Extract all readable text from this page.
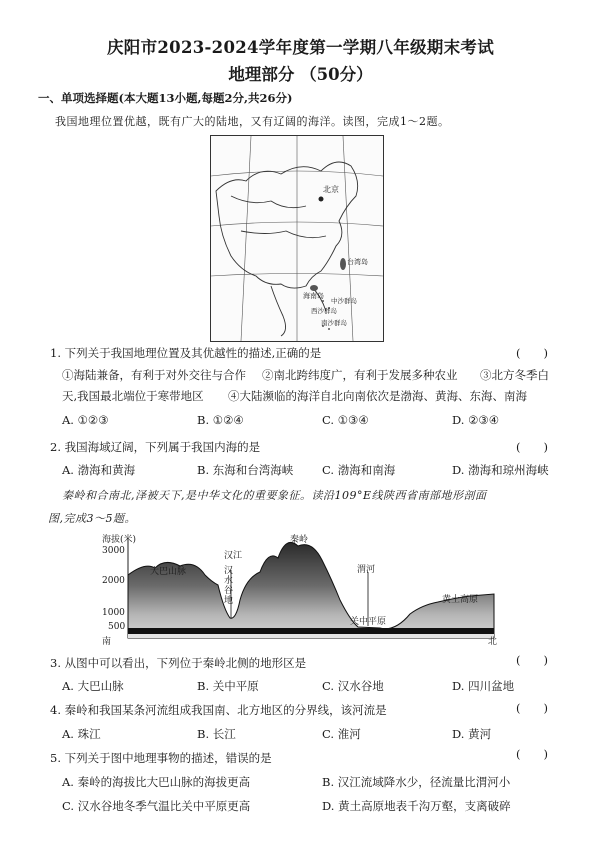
庆阳市2023-2024学年度第一学期八年级期末考试
地理部分 （50分）
一、单项选择题(本大题13小题,每题2分,共26分)
我国地理位置优越，既有广大的陆地，又有辽阔的海洋。读图，完成1～2题。
北京
台湾岛
海南岛
中沙群岛
西沙群岛
南沙群岛
1. 下列关于我国地理位置及其优越性的描述,正确的是	(　　)
①海陆兼备，有利于对外交往与合作 ②南北跨纬度广，有利于发展多种农业 ③北方冬季白
天,我国最北端位于寒带地区 ④大陆濒临的海洋自北向南依次是渤海、黄海、东海、南海
A. ①②③	B. ①②④	C. ①③④	D. ②③④
2. 我国海域辽阔，下列属于我国内海的是	(　　)
A. 渤海和黄海	B. 东海和台湾海峡 C. 渤海和南海	D. 渤海和琼州海峡
秦岭和合南北,泽被天下,是中华文化的重要象征。读沿109°E线陕西省南部地形剖面
图,完成3～5题。
海拔(米)
3000
2000
1000
500
南	北
大巴山脉
汉江
汉水谷地
秦岭
渭河
关中平原
黄土高原
3. 从图中可以看出，下列位于秦岭北侧的地形区是	(　　)
A. 大巴山脉	B. 关中平原	C. 汉水谷地	D. 四川盆地
4. 秦岭和我国某条河流组成我国南、北方地区的分界线，该河流是	(　　)
A. 珠江	B. 长江	C. 淮河	D. 黄河
5. 下列关于图中地理事物的描述，错误的是	(　　)
A. 秦岭的海拔比大巴山脉的海拔更高	B. 汉江流域降水少，径流量比渭河小
C. 汉水谷地冬季气温比关中平原更高	D. 黄土高原地表千沟万壑，支离破碎
